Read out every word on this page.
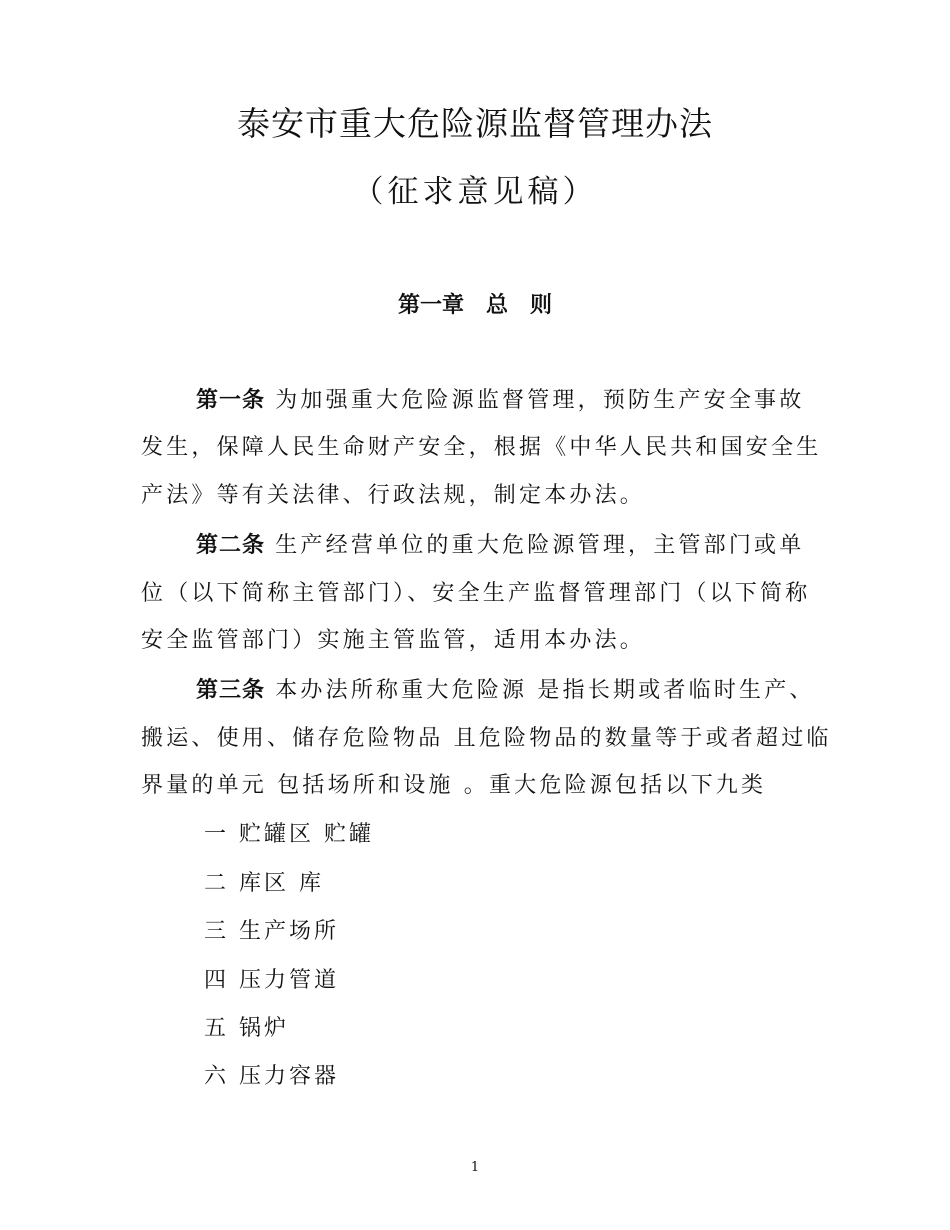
泰安市重大危险源监督管理办法
（征求意见稿）
第一章　总　则
第一条 为加强重大危险源监督管理，预防生产安全事故
发生，保障人民生命财产安全，根据《中华人民共和国安全生
产法》等有关法律、行政法规，制定本办法。
第二条 生产经营单位的重大危险源管理，主管部门或单
位（以下简称主管部门）、安全生产监督管理部门（以下简称
安全监管部门）实施主管监管，适用本办法。
第三条 本办法所称重大危险源 是指长期或者临时生产、
搬运、使用、储存危险物品 且危险物品的数量等于或者超过临
界量的单元 包括场所和设施 。重大危险源包括以下九类
一 贮罐区 贮罐
二 库区 库
三 生产场所
四 压力管道
五 锅炉
六 压力容器
1
